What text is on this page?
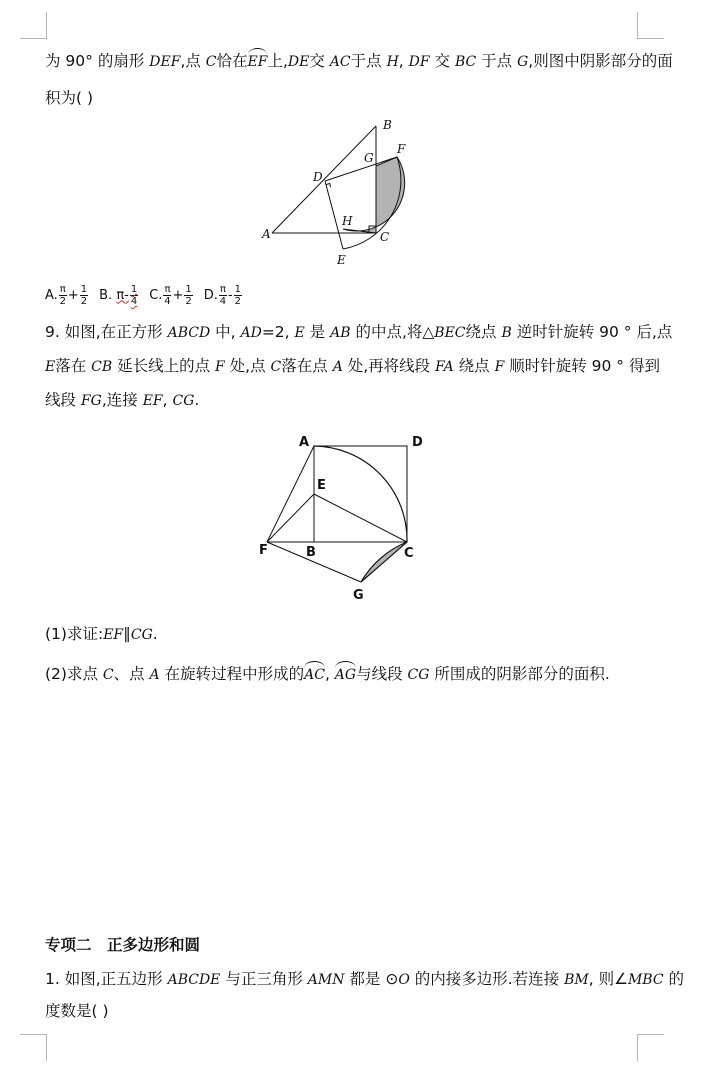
为 90° 的扇形 DEF,点 C恰在EF上,DE交 AC于点 H, DF 交 BC 于点 G,则图中阴影部分的面
积为( )
A
B
C
D
E
F
G
H
A. $\frac{\pi}{2} + \frac{1}{2} B$.
$\pi- \frac{1}{4} C$. $\frac{\pi}{4} + \frac{1}{2} D$. $\frac{\pi}{4} - \frac{1}{2}$
9. 如图,在正方形 ABCD 中, AD=2, E 是 AB 的中点,将△BEC绕点 B 逆时针旋转 90 ° 后,点
E落在 CB 延长线上的点 F 处,点 C落在点 A 处,再将线段 FA 绕点 F 顺时针旋转 90 ° 得到
线段 FG,连接 EF, CG.
A
B	C
D
E
F
G
(1)求证:EF∥CG.
(2)求点 C、点 A 在旋转过程中形成的AC, AG与线段 CG 所围成的阴影部分的面积.
专项二　正多边形和圆
1. 如图,正五边形 ABCDE 与正三角形 AMN 都是 ⊙O 的内接多边形.若连接 BM, 则∠MBC 的
度数是( )
